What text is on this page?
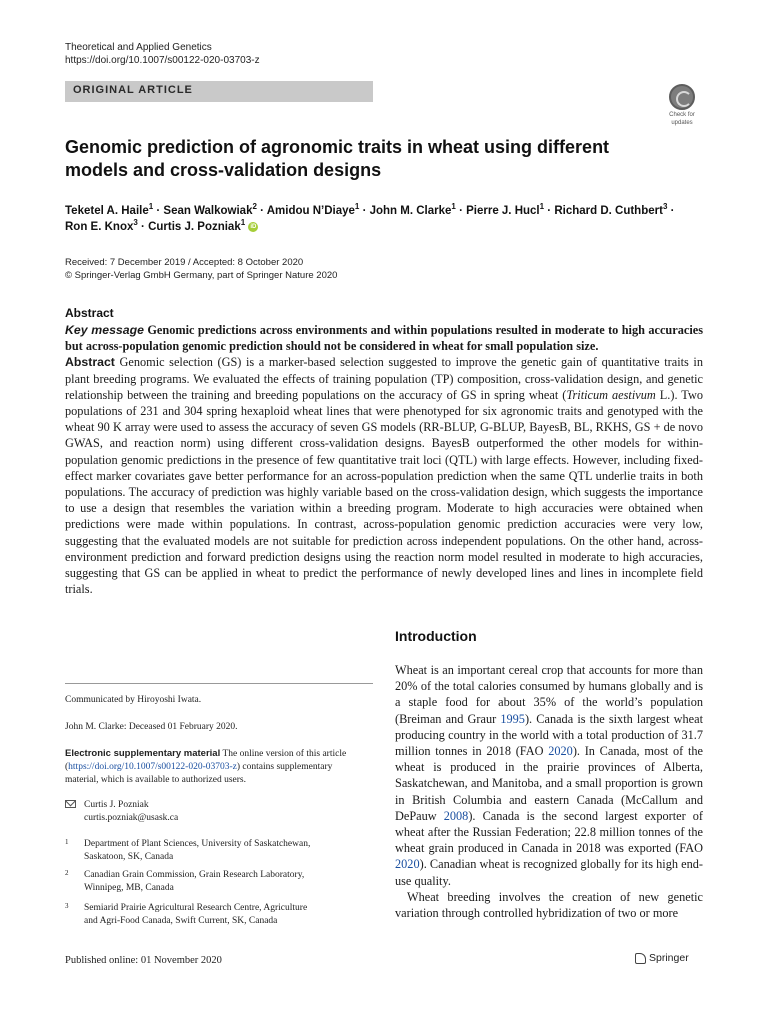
Theoretical and Applied Genetics
https://doi.org/10.1007/s00122-020-03703-z
ORIGINAL ARTICLE
Check for
updates
Genomic prediction of agronomic traits in wheat using different
models and cross-validation designs
Teketel A. Haile$^1$ · Sean Walkowiak$^2$ · Amidou N’Diaye$^1$ · John M. Clarke$^1$ · Pierre J. Hucl$^1$ · Richard D. Cuthbert$^3$ ·
Ron E. Knox$^3$ · Curtis J. Pozniak$^1$ iD
Received: 7 December 2019 / Accepted: 8 October 2020
© Springer-Verlag GmbH Germany, part of Springer Nature 2020
Abstract

Key message Genomic predictions across environments and within populations resulted in moderate to high accuracies but across-population genomic prediction should not be considered in wheat for small population size.

Abstract Genomic selection (GS) is a marker-based selection suggested to improve the genetic gain of quantitative traits in plant breeding programs. We evaluated the effects of training population (TP) composition, cross-validation design, and genetic relationship between the training and breeding populations on the accuracy of GS in spring wheat (Triticum aestivum L.). Two populations of 231 and 304 spring hexaploid wheat lines that were phenotyped for six agronomic traits and genotyped with the wheat 90 K array were used to assess the accuracy of seven GS models (RR-BLUP, G-BLUP, BayesB, BL, RKHS, GS + de novo GWAS, and reaction norm) using different cross-validation designs. BayesB outperformed the other models for within-population genomic predictions in the presence of few quantitative trait loci (QTL) with large effects. However, including fixed-effect marker covariates gave better performance for an across-population prediction when the same QTL underlie traits in both populations. The accuracy of prediction was highly variable based on the cross-validation design, which suggests the importance to use a design that resembles the variation within a breeding program. Moderate to high accuracies were obtained when predictions were made within populations. In contrast, across-population genomic prediction accuracies were very low, suggesting that the evaluated models are not suitable for prediction across independent populations. On the other hand, across-environment prediction and forward prediction designs using the reaction norm model resulted in moderate to high accuracies, suggesting that GS can be applied in wheat to predict the performance of newly developed lines and lines in incomplete field trials.

Introduction

Wheat is an important cereal crop that accounts for more than 20% of the total calories consumed by humans globally and is a staple food for about 35% of the world’s population (Breiman and Graur 1995). Canada is the sixth largest wheat producing country in the world with a total production of 31.7 million tonnes in 2018 (FAO 2020). In Canada, most of the wheat is produced in the prairie provinces of Alberta, Saskatchewan, and Manitoba, and a small proportion is grown in British Columbia and eastern Canada (McCallum and DePauw 2008). Canada is the second largest exporter of wheat after the Russian Federation; 22.8 million tonnes of the wheat grain produced in Canada in 2018 was exported (FAO 2020). Canadian wheat is recognized globally for its high end-use quality.

Wheat breeding involves the creation of new genetic variation through controlled hybridization of two or more

Communicated by Hiroyoshi Iwata.
John M. Clarke: Deceased 01 February 2020.
Electronic supplementary material The online version of this article (https://doi.org/10.1007/s00122-020-03703-z) contains supplementary material, which is available to authorized users.
Curtis J. Pozniak
curtis.pozniak@usask.ca
1 Department of Plant Sciences, University of Saskatchewan,
Saskatoon, SK, Canada
2 Canadian Grain Commission, Grain Research Laboratory,
Winnipeg, MB, Canada
3 Semiarid Prairie Agricultural Research Centre, Agriculture
and Agri-Food Canada, Swift Current, SK, Canada
Published online: 01 November 2020	Springer
